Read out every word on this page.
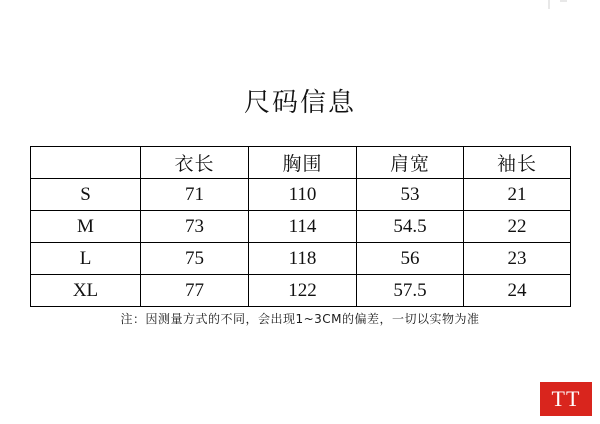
尺码信息
	衣长	胸围	肩宽	袖长
S	71	110	53	21
M	73	114	54.5	22
L	75	118	56	23
XL	77	122	57.5	24
注：因测量方式的不同，会出现1~3CM的偏差，一切以实物为准
TT
